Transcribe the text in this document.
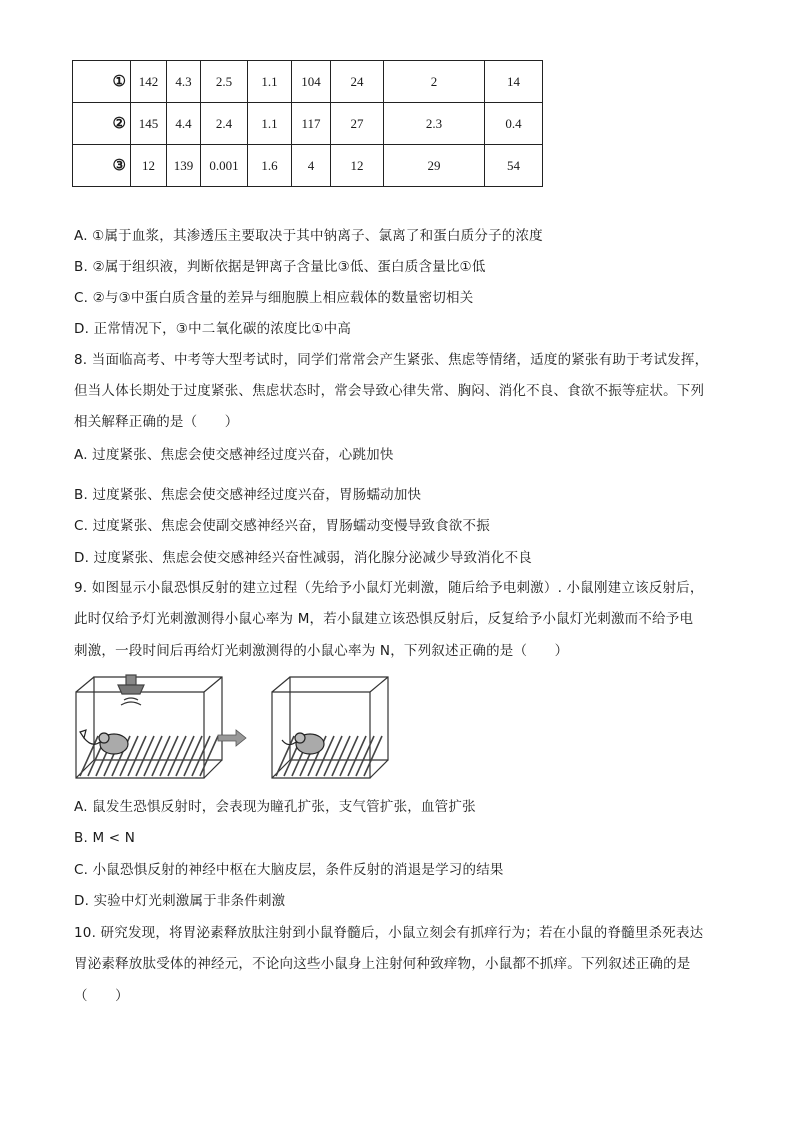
①	142	4.3	2.5	1.1	104	24	2	14
②	145	4.4	2.4	1.1	117	27	2.3	0.4
③	12	139	0.001	1.6	4	12	29	54
A. ①属于血浆，其渗透压主要取决于其中钠离子、氯离了和蛋白质分子的浓度
B. ②属于组织液，判断依据是钾离子含量比③低、蛋白质含量比①低
C. ②与③中蛋白质含量的差异与细胞膜上相应载体的数量密切相关
D. 正常情况下，③中二氧化碳的浓度比①中高
8. 当面临高考、中考等大型考试时，同学们常常会产生紧张、焦虑等情绪，适度的紧张有助于考试发挥，
但当人体长期处于过度紧张、焦虑状态时，常会导致心律失常、胸闷、消化不良、食欲不振等症状。下列
相关解释正确的是（　　）
A. 过度紧张、焦虑会使交感神经过度兴奋，心跳加快
B. 过度紧张、焦虑会使交感神经过度兴奋，胃肠蠕动加快
C. 过度紧张、焦虑会使副交感神经兴奋，胃肠蠕动变慢导致食欲不振
D. 过度紧张、焦虑会使交感神经兴奋性减弱，消化腺分泌减少导致消化不良
9. 如图显示小鼠恐惧反射的建立过程（先给予小鼠灯光刺激，随后给予电刺激）. 小鼠刚建立该反射后，
此时仅给予灯光刺激测得小鼠心率为 M，若小鼠建立该恐惧反射后，反复给予小鼠灯光刺激而不给予电
刺激，一段时间后再给灯光刺激测得的小鼠心率为 N，下列叙述正确的是（　　）
A. 鼠发生恐惧反射时，会表现为瞳孔扩张，支气管扩张，血管扩张
B. M < N
C. 小鼠恐惧反射的神经中枢在大脑皮层，条件反射的消退是学习的结果
D. 实验中灯光刺激属于非条件刺激
10. 研究发现，将胃泌素释放肽注射到小鼠脊髓后，小鼠立刻会有抓痒行为；若在小鼠的脊髓里杀死表达
胃泌素释放肽受体的神经元，不论向这些小鼠身上注射何种致痒物，小鼠都不抓痒。下列叙述正确的是
（　　）
